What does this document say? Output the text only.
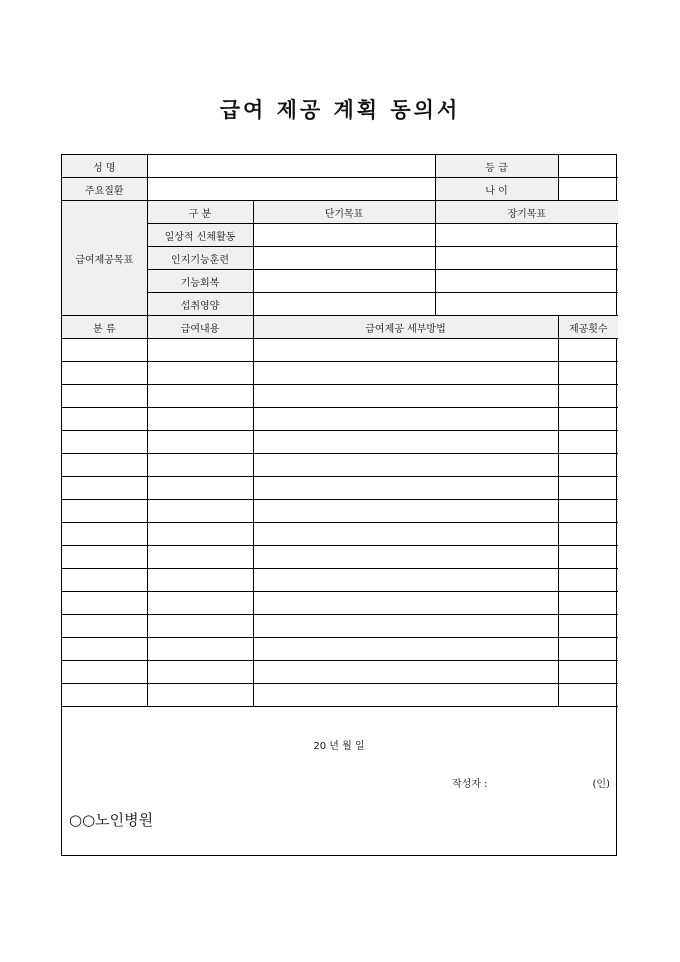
급여 제공 계획 동의서
성 명			등 급	
주요질환			나 이	
급여제공목표	구 분	단기목표	장기목표	
	일상적 신체활동			
	인지기능훈련			
	기능회복			
	섭취영양			
분 류	급여내용	급여제공 세부방법		제공횟수

20 년 월 일
작성자 :	(인)
○○노인병원
